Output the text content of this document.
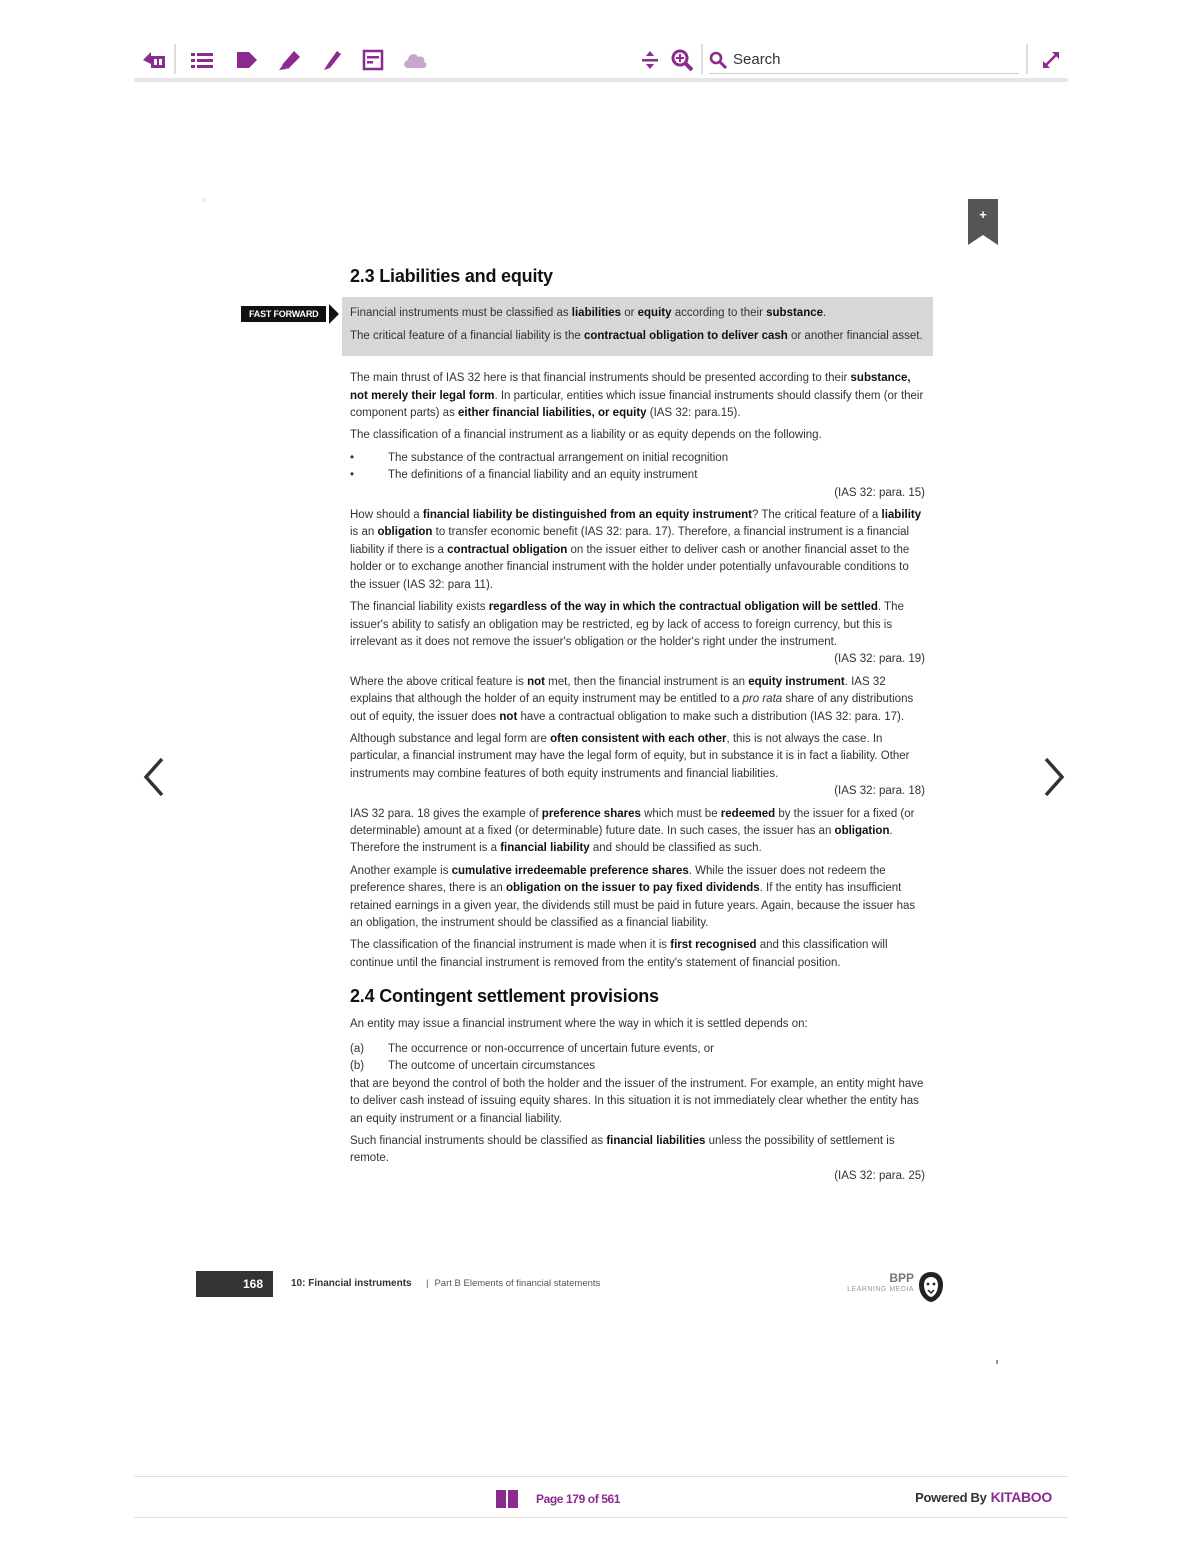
Search
+
FAST FORWARD
2.3 Liabilities and equity

Financial instruments must be classified as liabilities or equity according to their substance.

The critical feature of a financial liability is the contractual obligation to deliver cash or another financial asset.

The main thrust of IAS 32 here is that financial instruments should be presented according to their substance, not merely their legal form. In particular, entities which issue financial instruments should classify them (or their component parts) as either financial liabilities, or equity (IAS 32: para.15).

The classification of a financial instrument as a liability or as equity depends on the following.

• The substance of the contractual arrangement on initial recognition
• The definitions of a financial liability and an equity instrument
(IAS 32: para. 15)

How should a financial liability be distinguished from an equity instrument? The critical feature of a liability is an obligation to transfer economic benefit (IAS 32: para. 17). Therefore, a financial instrument is a financial liability if there is a contractual obligation on the issuer either to deliver cash or another financial asset to the holder or to exchange another financial instrument with the holder under potentially unfavourable conditions to the issuer (IAS 32: para 11).

The financial liability exists regardless of the way in which the contractual obligation will be settled. The issuer's ability to satisfy an obligation may be restricted, eg by lack of access to foreign currency, but this is irrelevant as it does not remove the issuer's obligation or the holder's right under the instrument.

(IAS 32: para. 19)

Where the above critical feature is not met, then the financial instrument is an equity instrument. IAS 32 explains that although the holder of an equity instrument may be entitled to a pro rata share of any distributions out of equity, the issuer does not have a contractual obligation to make such a distribution (IAS 32: para. 17).

Although substance and legal form are often consistent with each other, this is not always the case. In particular, a financial instrument may have the legal form of equity, but in substance it is in fact a liability. Other instruments may combine features of both equity instruments and financial liabilities.

(IAS 32: para. 18)

IAS 32 para. 18 gives the example of preference shares which must be redeemed by the issuer for a fixed (or determinable) amount at a fixed (or determinable) future date. In such cases, the issuer has an obligation. Therefore the instrument is a financial liability and should be classified as such.

Another example is cumulative irredeemable preference shares. While the issuer does not redeem the preference shares, there is an obligation on the issuer to pay fixed dividends. If the entity has insufficient retained earnings in a given year, the dividends still must be paid in future years. Again, because the issuer has an obligation, the instrument should be classified as a financial liability.

The classification of the financial instrument is made when it is first recognised and this classification will continue until the financial instrument is removed from the entity's statement of financial position.

2.4 Contingent settlement provisions

An entity may issue a financial instrument where the way in which it is settled depends on:

(a) The occurrence or non-occurrence of uncertain future events, or
(b) The outcome of uncertain circumstances

that are beyond the control of both the holder and the issuer of the instrument. For example, an entity might have to deliver cash instead of issuing equity shares. In this situation it is not immediately clear whether the entity has an equity instrument or a financial liability.

Such financial instruments should be classified as financial liabilities unless the possibility of settlement is remote.

(IAS 32: para. 25)
168	10: Financial instruments | Part B Elements of financial statements	BPP
LEARNING MEDIA
Page 179 of 561	Powered By KITABOO
